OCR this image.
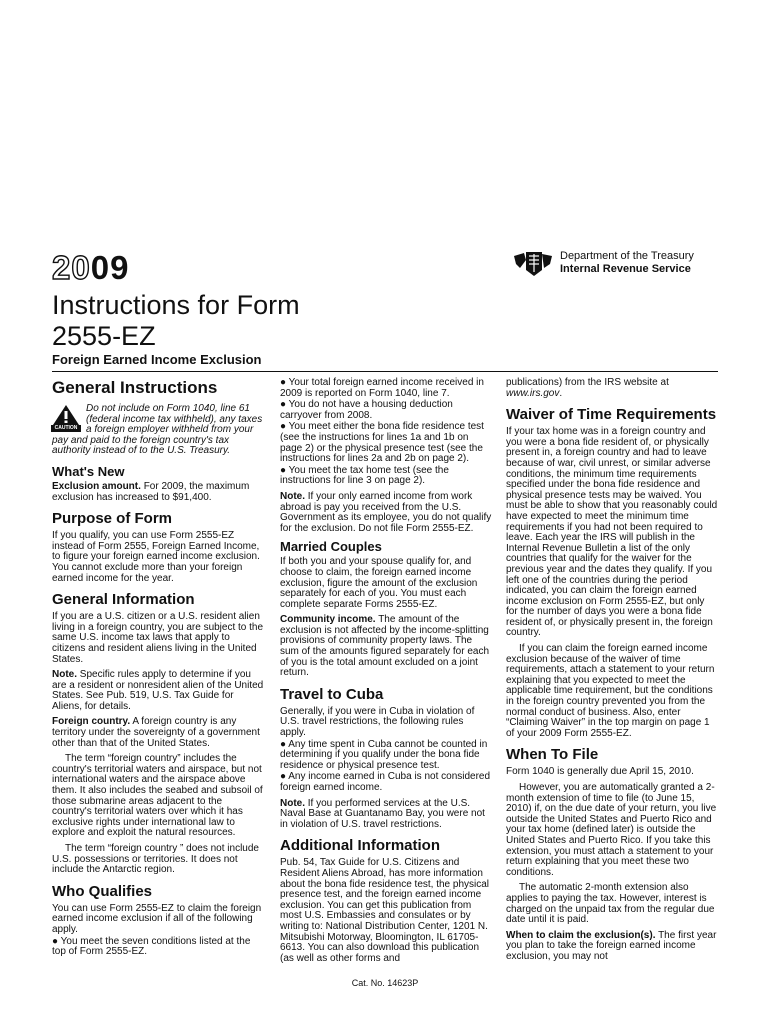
2009	Department of the Treasury
Internal Revenue Service
Instructions for Form
2555-EZ
Foreign Earned Income Exclusion
General Instructions
CAUTION
Do not include on Form 1040, line 61 (federal income tax withheld), any taxes a foreign employer withheld from your pay and paid to the foreign country's tax authority instead of to the U.S. Treasury.
What's New

Exclusion amount. For 2009, the maximum exclusion has increased to $91,400.

Purpose of Form

If you qualify, you can use Form 2555-EZ instead of Form 2555, Foreign Earned Income, to figure your foreign earned income exclusion. You cannot exclude more than your foreign earned income for the year.

General Information

If you are a U.S. citizen or a U.S. resident alien living in a foreign country, you are subject to the same U.S. income tax laws that apply to citizens and resident aliens living in the United States.

Note. Specific rules apply to determine if you are a resident or nonresident alien of the United States. See Pub. 519, U.S. Tax Guide for Aliens, for details.

Foreign country. A foreign country is any territory under the sovereignty of a government other than that of the United States.

The term “foreign country” includes the country's territorial waters and airspace, but not international waters and the airspace above them. It also includes the seabed and subsoil of those submarine areas adjacent to the country's territorial waters over which it has exclusive rights under international law to explore and exploit the natural resources.

The term “foreign country ” does not include U.S. possessions or territories. It does not include the Antarctic region.

Who Qualifies

You can use Form 2555-EZ to claim the foreign earned income exclusion if all of the following apply.

● You meet the seven conditions listed at the top of Form 2555-EZ.

● Your total foreign earned income received in 2009 is reported on Form 1040, line 7.

● You do not have a housing deduction carryover from 2008.

● You meet either the bona fide residence test (see the instructions for lines 1a and 1b on page 2) or the physical presence test (see the instructions for lines 2a and 2b on page 2).

● You meet the tax home test (see the instructions for line 3 on page 2).

Note. If your only earned income from work abroad is pay you received from the U.S. Government as its employee, you do not qualify for the exclusion. Do not file Form 2555-EZ.

Married Couples

If both you and your spouse qualify for, and choose to claim, the foreign earned income exclusion, figure the amount of the exclusion separately for each of you. You must each complete separate Forms 2555-EZ.

Community income. The amount of the exclusion is not affected by the income-splitting provisions of community property laws. The sum of the amounts figured separately for each of you is the total amount excluded on a joint return.

Travel to Cuba

Generally, if you were in Cuba in violation of U.S. travel restrictions, the following rules apply.

● Any time spent in Cuba cannot be counted in determining if you qualify under the bona fide residence or physical presence test.

● Any income earned in Cuba is not considered foreign earned income.

Note. If you performed services at the U.S. Naval Base at Guantanamo Bay, you were not in violation of U.S. travel restrictions.

Additional Information

Pub. 54, Tax Guide for U.S. Citizens and Resident Aliens Abroad, has more information about the bona fide residence test, the physical presence test, and the foreign earned income exclusion. You can get this publication from most U.S. Embassies and consulates or by writing to: National Distribution Center, 1201 N. Mitsubishi Motorway, Bloomington, IL 61705-6613. You can also download this publication (as well as other forms and

publications) from the IRS website at www.irs.gov.

Waiver of Time Requirements

If your tax home was in a foreign country and you were a bona fide resident of, or physically present in, a foreign country and had to leave because of war, civil unrest, or similar adverse conditions, the minimum time requirements specified under the bona fide residence and physical presence tests may be waived. You must be able to show that you reasonably could have expected to meet the minimum time requirements if you had not been required to leave. Each year the IRS will publish in the Internal Revenue Bulletin a list of the only countries that qualify for the waiver for the previous year and the dates they qualify. If you left one of the countries during the period indicated, you can claim the foreign earned income exclusion on Form 2555-EZ, but only for the number of days you were a bona fide resident of, or physically present in, the foreign country.

If you can claim the foreign earned income exclusion because of the waiver of time requirements, attach a statement to your return explaining that you expected to meet the applicable time requirement, but the conditions in the foreign country prevented you from the normal conduct of business. Also, enter “Claiming Waiver” in the top margin on page 1 of your 2009 Form 2555-EZ.

When To File

Form 1040 is generally due April 15, 2010.

However, you are automatically granted a 2-month extension of time to file (to June 15, 2010) if, on the due date of your return, you live outside the United States and Puerto Rico and your tax home (defined later) is outside the United States and Puerto Rico. If you take this extension, you must attach a statement to your return explaining that you meet these two conditions.

The automatic 2-month extension also applies to paying the tax. However, interest is charged on the unpaid tax from the regular due date until it is paid.

When to claim the exclusion(s). The first year you plan to take the foreign earned income exclusion, you may not

Cat. No. 14623P
